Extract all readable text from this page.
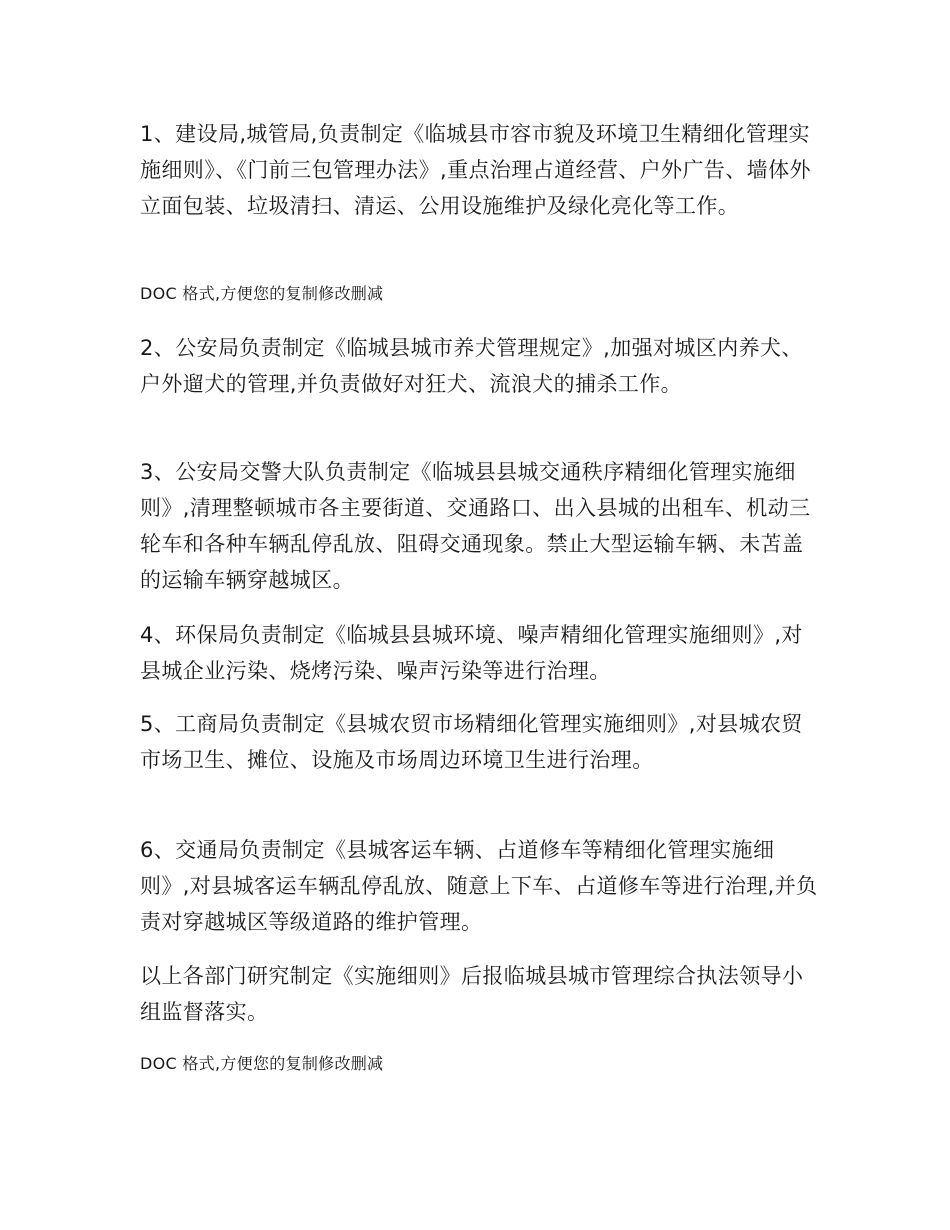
1、建设局,城管局,负责制定《临城县市容市貌及环境卫生精细化管理实施细则》、《门前三包管理办法》,重点治理占道经营、户外广告、墙体外立面包装、垃圾清扫、清运、公用设施维护及绿化亮化等工作。

DOC 格式,方便您的复制修改删减

2、公安局负责制定《临城县城市养犬管理规定》,加强对城区内养犬、户外遛犬的管理,并负责做好对狂犬、流浪犬的捕杀工作。

3、公安局交警大队负责制定《临城县县城交通秩序精细化管理实施细则》,清理整顿城市各主要街道、交通路口、出入县城的出租车、机动三轮车和各种车辆乱停乱放、阻碍交通现象。禁止大型运输车辆、未苫盖的运输车辆穿越城区。

4、环保局负责制定《临城县县城环境、噪声精细化管理实施细则》,对县城企业污染、烧烤污染、噪声污染等进行治理。

5、工商局负责制定《县城农贸市场精细化管理实施细则》,对县城农贸市场卫生、摊位、设施及市场周边环境卫生进行治理。

6、交通局负责制定《县城客运车辆、占道修车等精细化管理实施细则》,对县城客运车辆乱停乱放、随意上下车、占道修车等进行治理,并负责对穿越城区等级道路的维护管理。

以上各部门研究制定《实施细则》后报临城县城市管理综合执法领导小组监督落实。

DOC 格式,方便您的复制修改删减
